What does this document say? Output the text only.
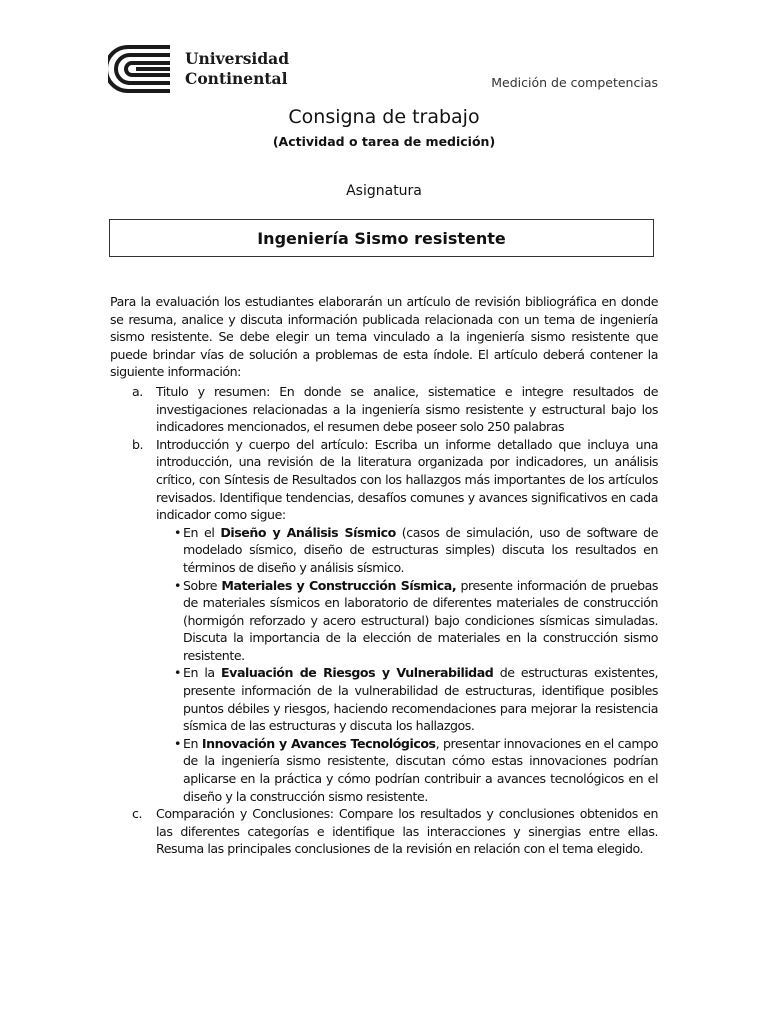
Universidad
Continental	Medición de competencias
Consigna de trabajo
(Actividad o tarea de medición)
Asignatura
Ingeniería Sismo resistente

Para la evaluación los estudiantes elaborarán un artículo de revisión bibliográfica en donde se resuma, analice y discuta información publicada relacionada con un tema de ingeniería sismo resistente. Se debe elegir un tema vinculado a la ingeniería sismo resistente que puede brindar vías de solución a problemas de esta índole. El artículo deberá contener la siguiente información:

a. Titulo y resumen: En donde se analice, sistematice e integre resultados de investigaciones relacionadas a la ingeniería sismo resistente y estructural bajo los indicadores mencionados, el resumen debe poseer solo 250 palabras
b. Introducción y cuerpo del artículo: Escriba un informe detallado que incluya una introducción, una revisión de la literatura organizada por indicadores, un análisis crítico, con Síntesis de Resultados con los hallazgos más importantes de los artículos revisados. Identifique tendencias, desafíos comunes y avances significativos en cada indicador como sigue:
• En el Diseño y Análisis Sísmico (casos de simulación, uso de software de modelado sísmico, diseño de estructuras simples) discuta los resultados en términos de diseño y análisis sísmico.
• Sobre Materiales y Construcción Sísmica, presente información de pruebas de materiales sísmicos en laboratorio de diferentes materiales de construcción (hormigón reforzado y acero estructural) bajo condiciones sísmicas simuladas. Discuta la importancia de la elección de materiales en la construcción sismo resistente.
• En la Evaluación de Riesgos y Vulnerabilidad de estructuras existentes, presente información de la vulnerabilidad de estructuras, identifique posibles puntos débiles y riesgos, haciendo recomendaciones para mejorar la resistencia sísmica de las estructuras y discuta los hallazgos.
• En Innovación y Avances Tecnológicos, presentar innovaciones en el campo de la ingeniería sismo resistente, discutan cómo estas innovaciones podrían aplicarse en la práctica y cómo podrían contribuir a avances tecnológicos en el diseño y la construcción sismo resistente.
c. Comparación y Conclusiones: Compare los resultados y conclusiones obtenidos en las diferentes categorías e identifique las interacciones y sinergias entre ellas. Resuma las principales conclusiones de la revisión en relación con el tema elegido.
